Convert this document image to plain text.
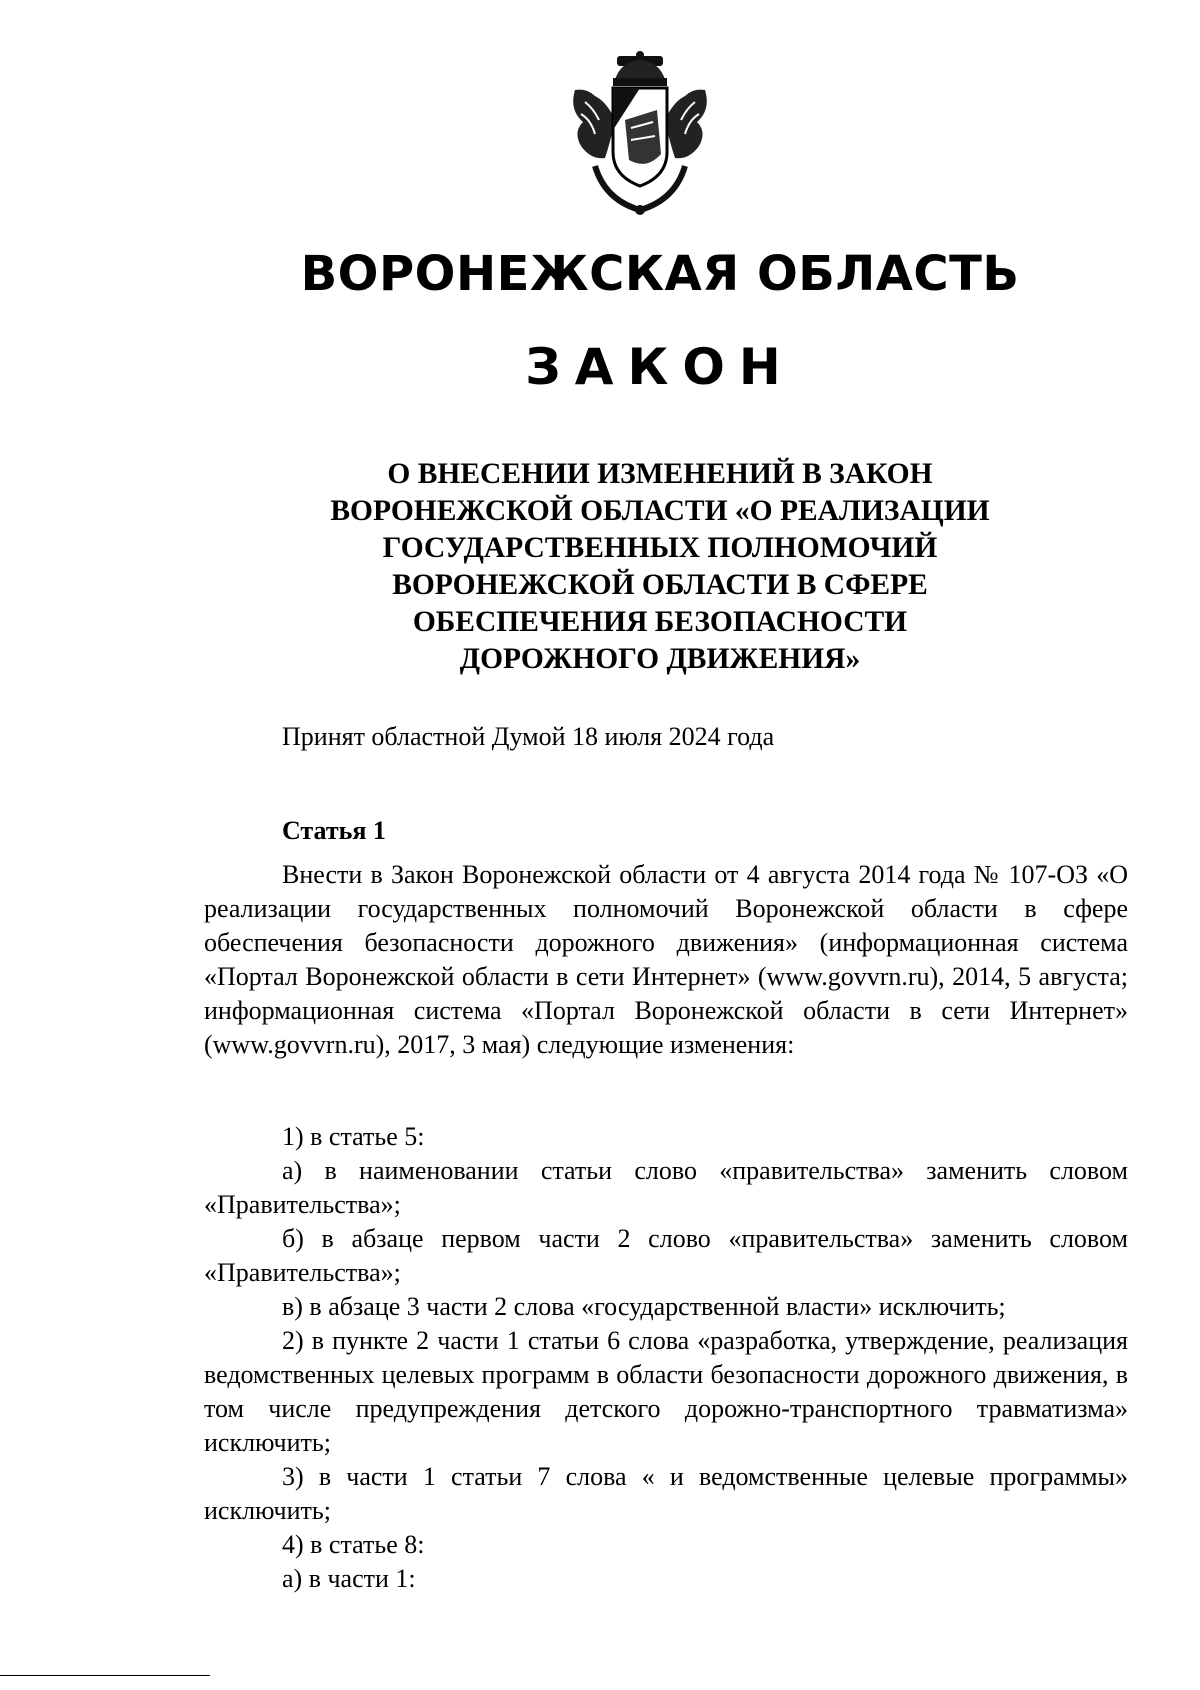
ВОРОНЕЖСКАЯ ОБЛАСТЬ
ЗАКОН
О ВНЕСЕНИИ ИЗМЕНЕНИЙ В ЗАКОН
ВОРОНЕЖСКОЙ ОБЛАСТИ «О РЕАЛИЗАЦИИ
ГОСУДАРСТВЕННЫХ ПОЛНОМОЧИЙ
ВОРОНЕЖСКОЙ ОБЛАСТИ В СФЕРЕ
ОБЕСПЕЧЕНИЯ БЕЗОПАСНОСТИ
ДОРОЖНОГО ДВИЖЕНИЯ»
Принят областной Думой 18 июля 2024 года
Статья 1

Внести в Закон Воронежской области от 4 августа 2014 года № 107-ОЗ «О реализации государственных полномочий Воронежской области в сфере обеспечения безопасности дорожного движения» (информационная система «Портал Воронежской области в сети Интернет» (www.govvrn.ru), 2014, 5 августа; информационная система «Портал Воронежской области в сети Интернет» (www.govvrn.ru), 2017, 3 мая) следующие изменения:

1) в статье 5:

а) в наименовании статьи слово «правительства» заменить словом «Правительства»;

б) в абзаце первом части 2 слово «правительства» заменить словом «Правительства»;

в) в абзаце 3 части 2 слова «государственной власти» исключить;

2) в пункте 2 части 1 статьи 6 слова «разработка, утверждение, реализация ведомственных целевых программ в области безопасности дорожного движения, в том числе предупреждения детского дорожно-транспортного травматизма» исключить;

3) в части 1 статьи 7 слова « и ведомственные целевые программы» исключить;

4) в статье 8:

а) в части 1:
